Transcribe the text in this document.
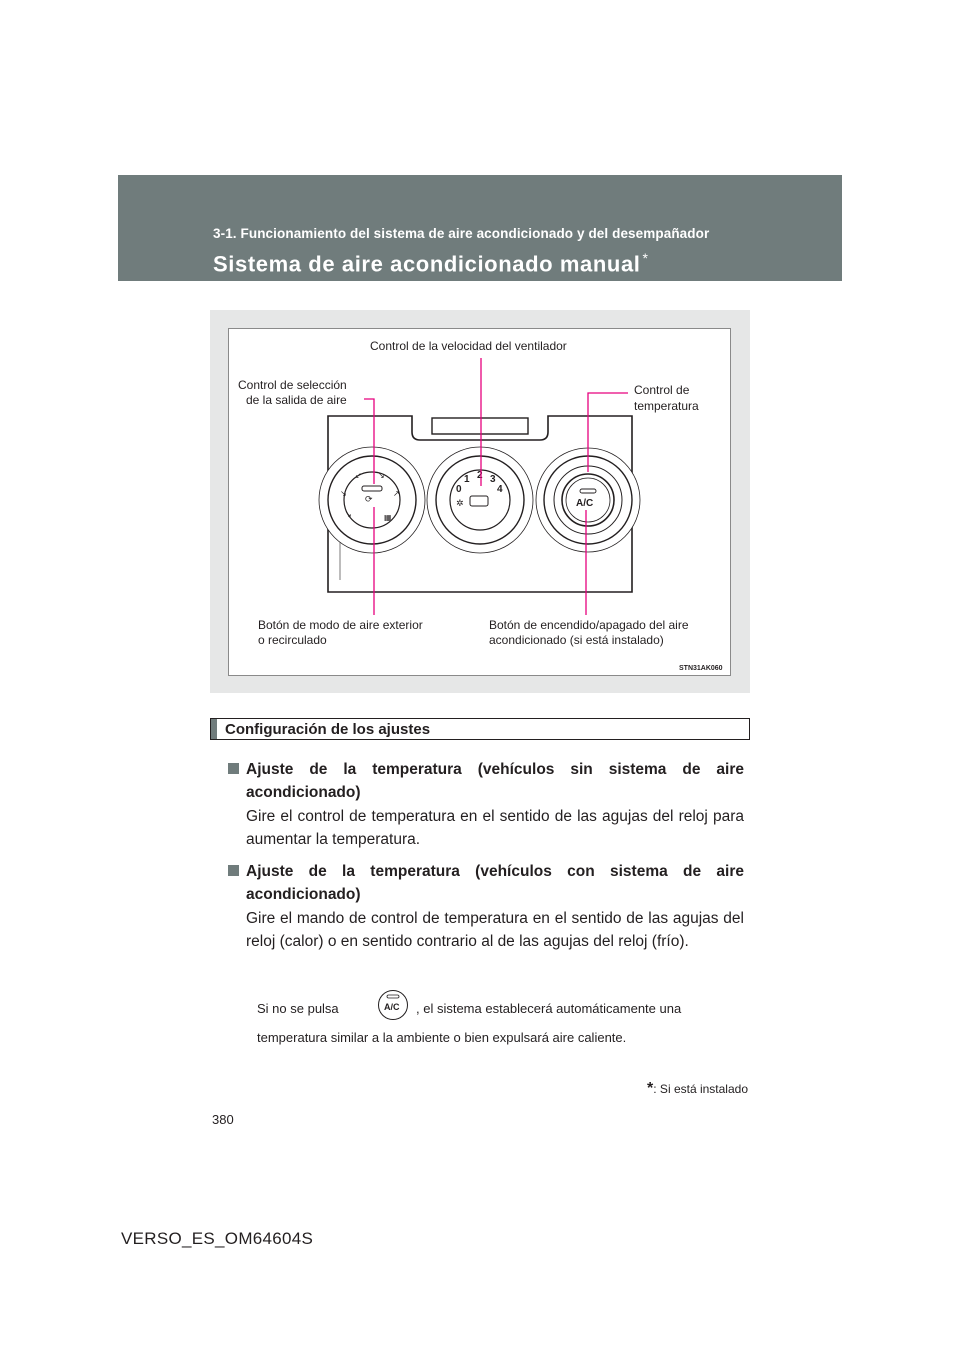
3-1. Funcionamiento del sistema de aire acondicionado y del desempañador
Sistema de aire acondicionado manual *
⟳
↘
↙ ↘
↗
↘	▦
✲
0
1 2 3
4
A/C
Control de la velocidad del ventilador
Control de selección
de la salida de aire
Control de
temperatura
Botón de modo de aire exterior
o recirculado
Botón de encendido/apagado del aire
acondicionado (si está instalado)
STN31AK060
Configuración de los ajustes
Ajuste de la temperatura (vehículos sin sistema de aire acondicionado)
Gire el control de temperatura en el sentido de las agujas del reloj para aumentar la temperatura.
Ajuste de la temperatura (vehículos con sistema de aire acondicionado)
Gire el mando de control de temperatura en el sentido de las agujas del reloj (calor) o en sentido contrario al de las agujas del reloj (frío).
Si no se pulsa	A/C , el sistema establecerá automáticamente una
temperatura similar a la ambiente o bien expulsará aire caliente.
*: Si está instalado
380
VERSO_ES_OM64604S
